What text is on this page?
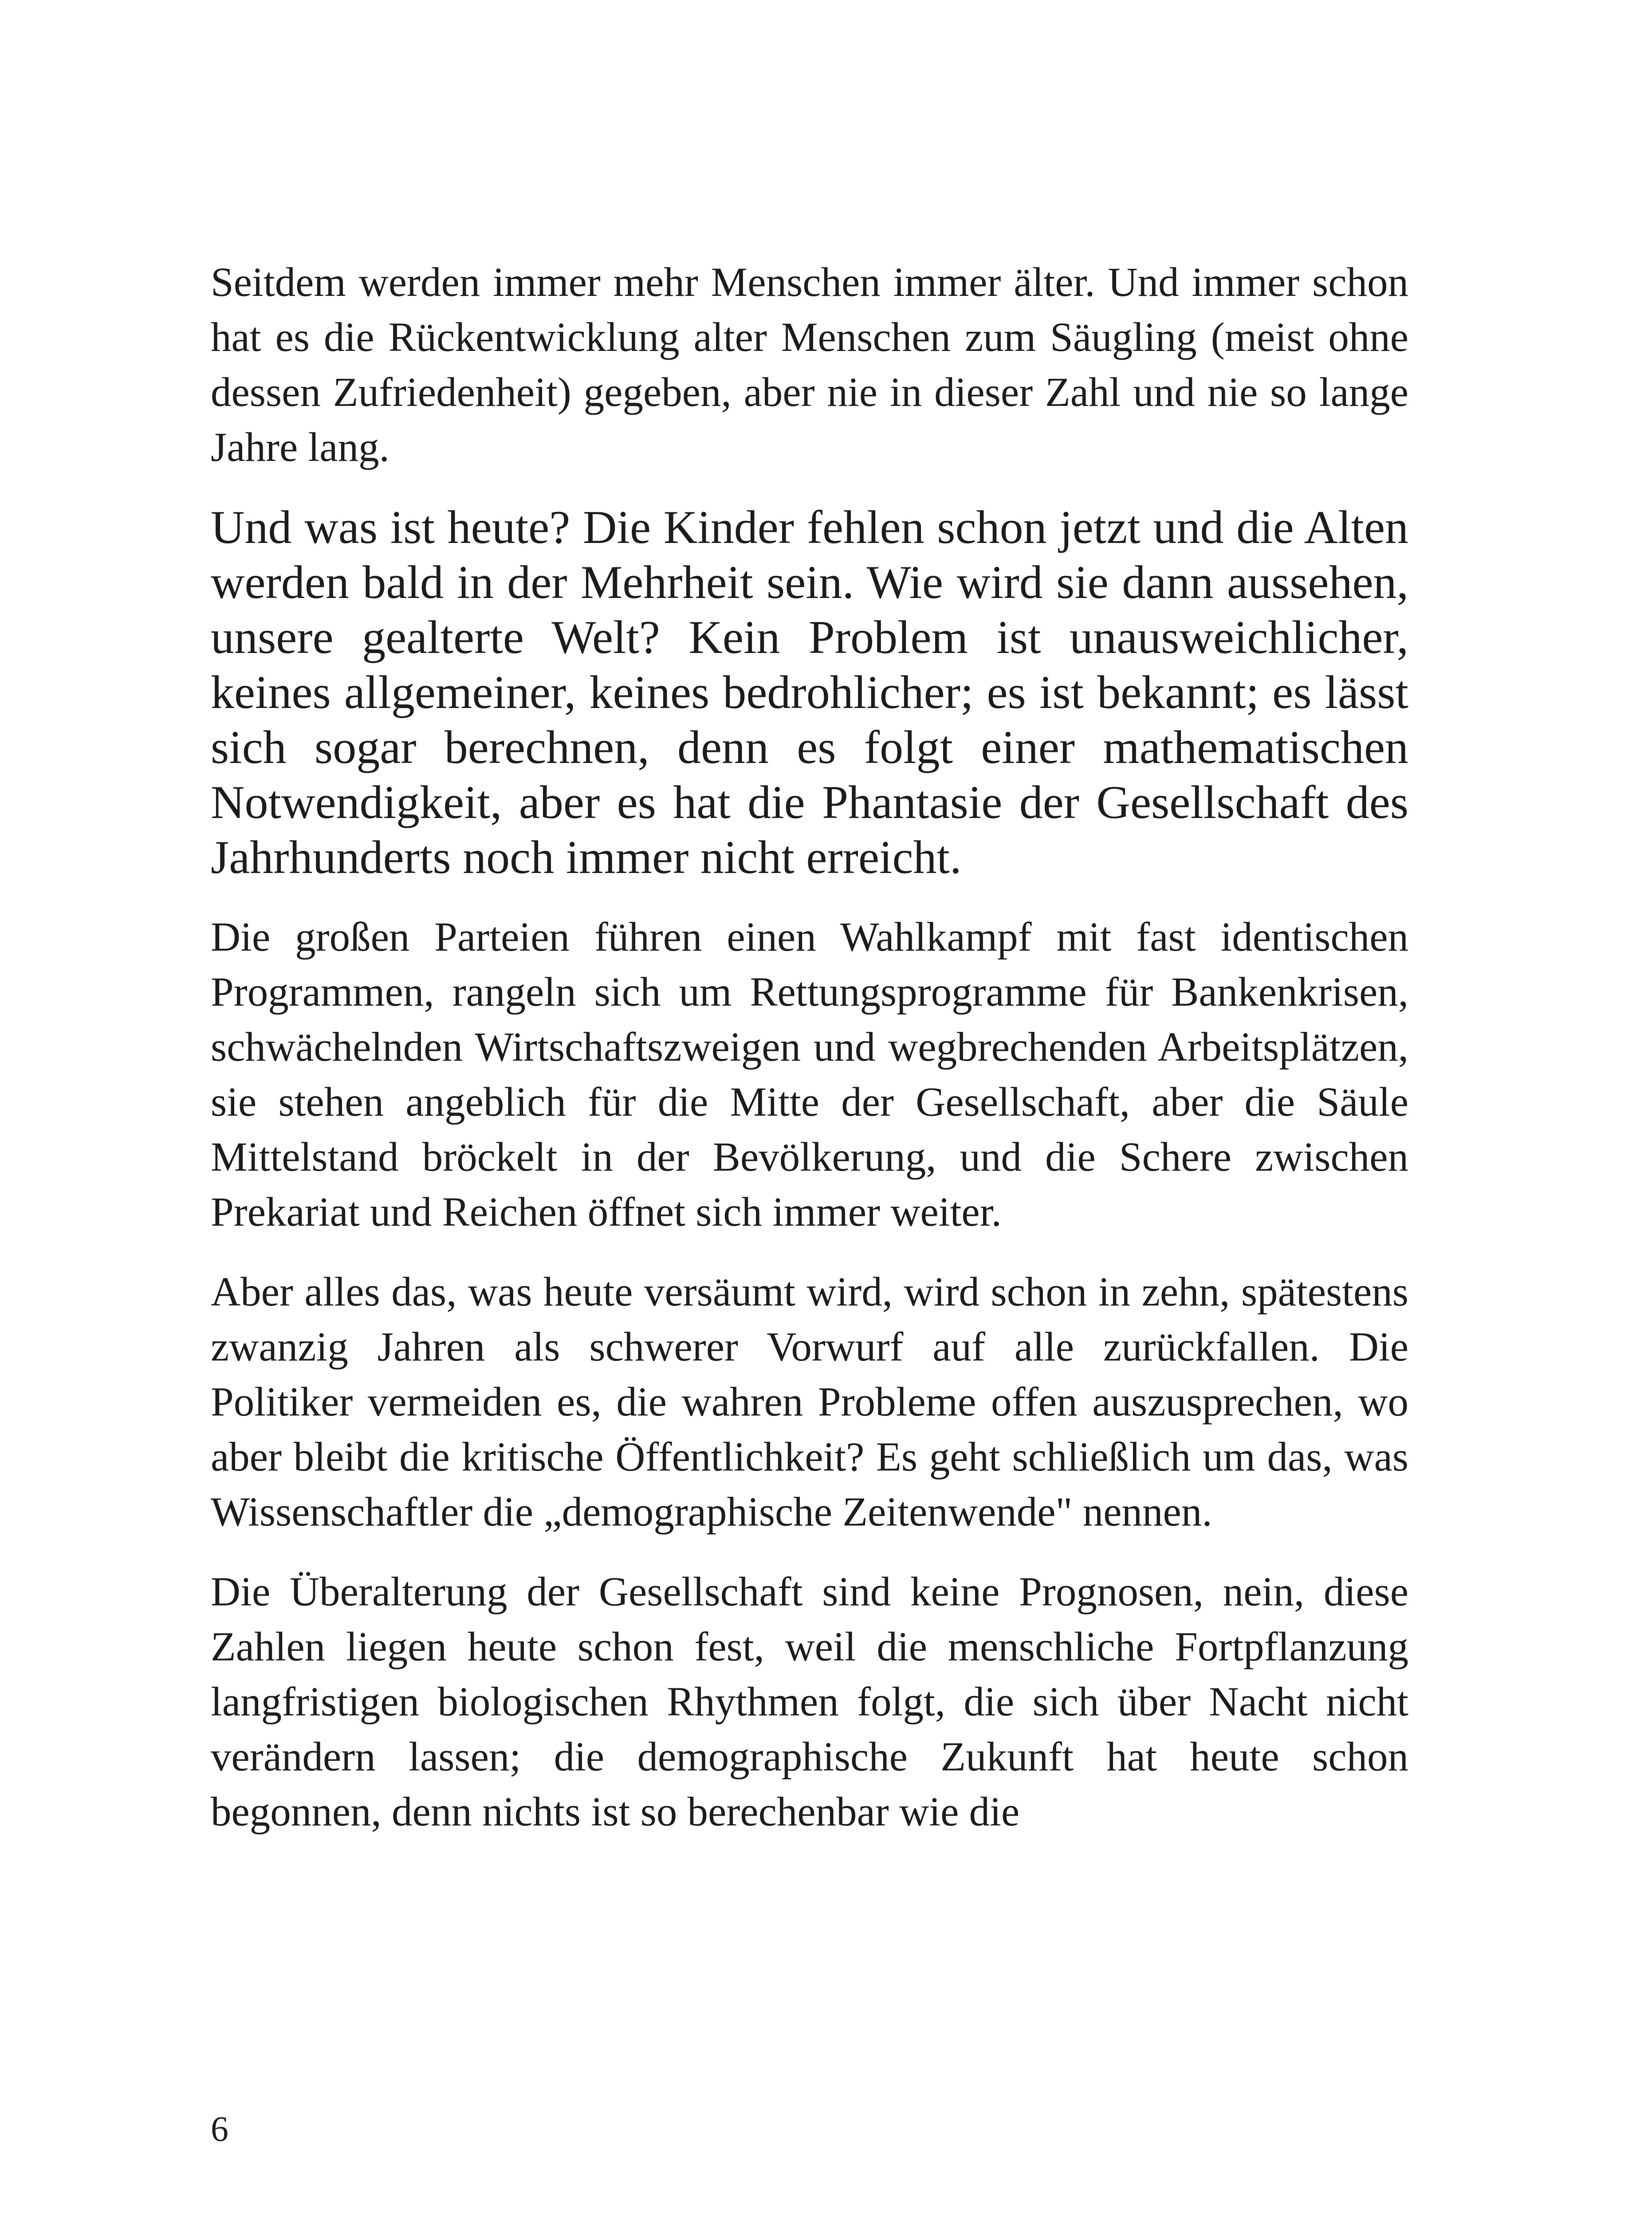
Seitdem werden immer mehr Menschen immer älter. Und immer schon hat es die Rückentwicklung alter Menschen zum Säugling (meist ohne dessen Zufriedenheit) gegeben, aber nie in dieser Zahl und nie so lange Jahre lang.

Und was ist heute? Die Kinder fehlen schon jetzt und die Alten werden bald in der Mehrheit sein. Wie wird sie dann aussehen, unsere gealterte Welt? Kein Problem ist unausweichlicher, keines allgemeiner, keines bedrohlicher; es ist bekannt; es lässt sich sogar berechnen, denn es folgt einer mathematischen Notwendigkeit, aber es hat die Phantasie der Gesellschaft des Jahrhunderts noch immer nicht erreicht.

Die großen Parteien führen einen Wahlkampf mit fast identischen Programmen, rangeln sich um Rettungsprogramme für Bankenkrisen, schwächelnden Wirtschaftszweigen und wegbrechenden Arbeitsplätzen, sie stehen angeblich für die Mitte der Gesellschaft, aber die Säule Mittelstand bröckelt in der Bevölkerung, und die Schere zwischen Prekariat und Reichen öffnet sich immer weiter.

Aber alles das, was heute versäumt wird, wird schon in zehn, spätestens zwanzig Jahren als schwerer Vorwurf auf alle zurückfallen. Die Politiker vermeiden es, die wahren Probleme offen auszusprechen, wo aber bleibt die kritische Öffentlichkeit? Es geht schließlich um das, was Wissenschaftler die „demographische Zeitenwende" nennen.

Die Überalterung der Gesellschaft sind keine Prognosen, nein, diese Zahlen liegen heute schon fest, weil die menschliche Fortpflanzung langfristigen biologischen Rhythmen folgt, die sich über Nacht nicht verändern lassen; die demographische Zukunft hat heute schon begonnen, denn nichts ist so berechenbar wie die

6
